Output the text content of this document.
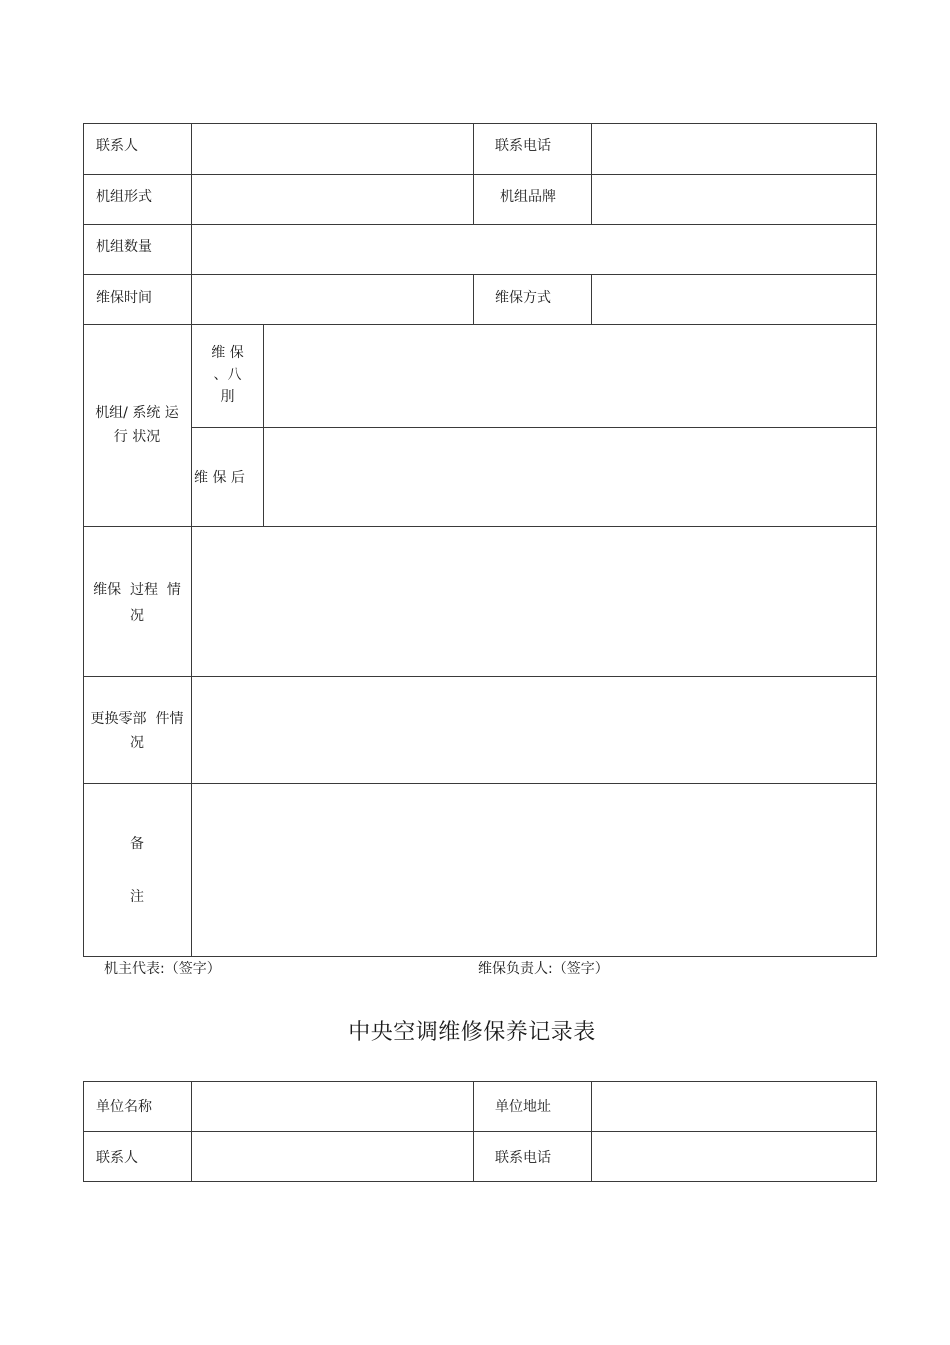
联系人	联系电话
机组形式	机组品牌
机组数量
维保时间	维保方式
机组/ 系统 运
行 状况
维 保
、八
刖
维 保 后
维保  过程  情
况
更换零部  件情
况
备
注
机主代表:（签字）	维保负责人:（签字）
中央空调维修保养记录表
单位名称	单位地址
联系人	联系电话
